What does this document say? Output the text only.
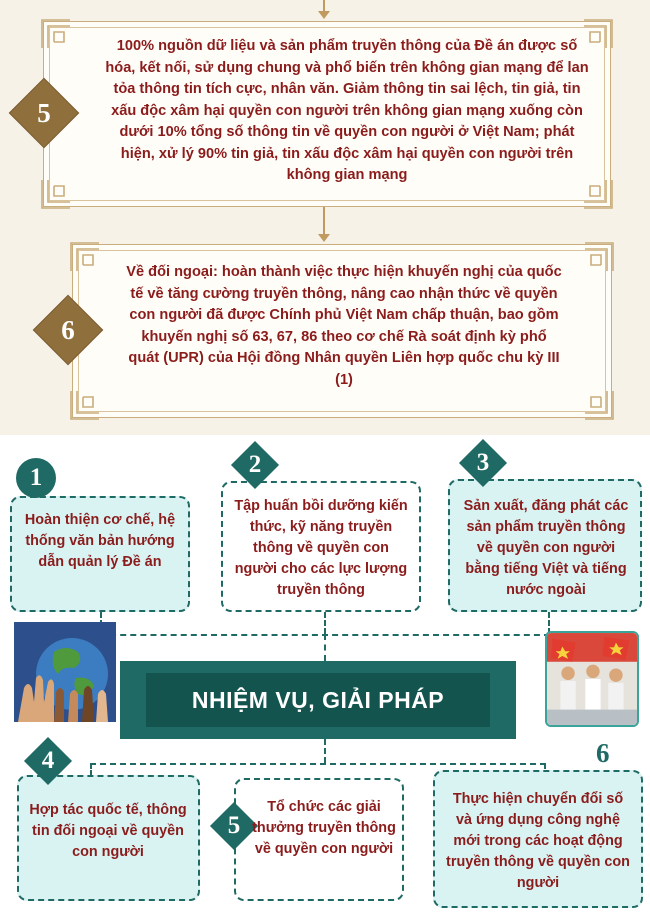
100% nguồn dữ liệu và sản phẩm truyền thông của Đề án được số hóa, kết nối, sử dụng chung và phổ biến trên không gian mạng để lan tỏa thông tin tích cực, nhân văn. Giảm thông tin sai lệch, tin giả, tin xấu độc xâm hại quyền con người trên không gian mạng xuống còn dưới 10% tổng số thông tin về quyền con người ở Việt Nam; phát hiện, xử lý 90% tin giả, tin xấu độc xâm hại quyền con người trên không gian mạng
5
Về đối ngoại: hoàn thành việc thực hiện khuyến nghị của quốc tế về tăng cường truyền thông, nâng cao nhận thức về quyền con người đã được Chính phủ Việt Nam chấp thuận, bao gồm khuyến nghị số 63, 67, 86 theo cơ chế Rà soát định kỳ phổ quát (UPR) của Hội đồng Nhân quyền Liên hợp quốc chu kỳ III (1)
6
1
Hoàn thiện cơ chế, hệ thống văn bản hướng dẫn quản lý Đề án
2
Tập huấn bồi dưỡng kiến thức, kỹ năng truyền thông về quyền con người cho các lực lượng truyền thông
3
Sản xuất, đăng phát các sản phẩm truyền thông về quyền con người bằng tiếng Việt và tiếng nước ngoài
NHIỆM VỤ, GIẢI PHÁP
4
Hợp tác quốc tế, thông tin đối ngoại về quyền con người
5
Tổ chức các giải thưởng truyền thông về quyền con người
6
Thực hiện chuyển đổi số và ứng dụng công nghệ mới trong các hoạt động truyền thông về quyền con người
